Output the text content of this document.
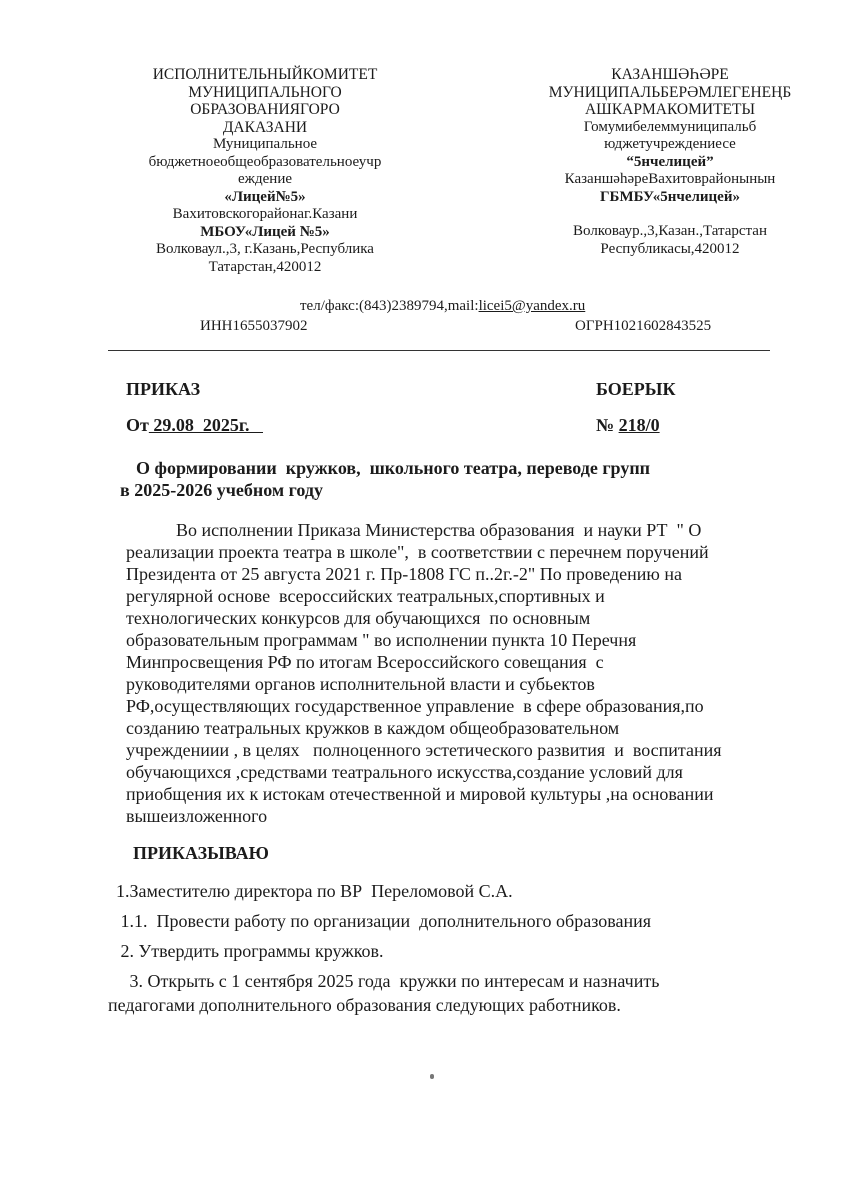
ИСПОЛНИТЕЛЬНЫЙКОМИТЕТ
МУНИЦИПАЛЬНОГО
ОБРАЗОВАНИЯГОРО
ДАКАЗАНИ
Муниципальное
бюджетноеобщеобразовательноеучр
еждение
«Лицей№5»
Вахитовскогорайонаг.Казани
МБОУ«Лицей №5»
Волковаул.,3, г.Казань,Республика
Татарстан,420012
КАЗАНШӘҺӘРЕ
МУНИЦИПАЛЬБЕРӘМЛЕГЕНЕҢБ
АШКАРМАКОМИТЕТЫ
Гомумибелеммуниципальб
юджетучреждениесе
“5нчелицей”
КазаншәһәреВахитоврайонынын
ГБМБУ«5нчелицей»
Волковаур.,3,Казан.,Татарстан
Республикасы,420012
тел/факс:(843)2389794,mail:licei5@yandex.ru
ИНН1655037902	ОГРН1021602843525
ПРИКАЗ	БОЕРЫК
От 29.08  2025г.	№ 218/0
О формировании  кружков,  школьного театра, переводе групп
в 2025-2026 учебном году
Во исполнении Приказа Министерства образования  и науки РТ  " О
реализации проекта театра в школе",  в соответствии с перечнем поручений
Президента от 25 августа 2021 г. Пр-1808 ГС п..2г.-2" По проведению на
регулярной основе  всероссийских театральных,спортивных и
технологических конкурсов для обучающихся  по основным
образовательным программам " во исполнении пункта 10 Перечня
Минпросвещения РФ по итогам Всероссийского совещания  с
руководителями органов исполнительной власти и субьектов
РФ,осуществляющих государственное управление  в сфере образования,по
созданию театральных кружков в каждом общеобразовательном
учреждениии , в целях   полноценного эстетического развития  и  воспитания
обучающихся ,средствами театрального искусства,создание условий для
приобщения их к истокам отечественной и мировой культуры ,на основании
вышеизложенного
ПРИКАЗЫВАЮ
1.Заместителю директора по ВР  Переломовой С.А.
1.1.  Провести работу по организации  дополнительного образования
2. Утвердить программы кружков.
3. Открыть с 1 сентября 2025 года  кружки по интересам и назначить
педагогами дополнительного образования следующих работников.
